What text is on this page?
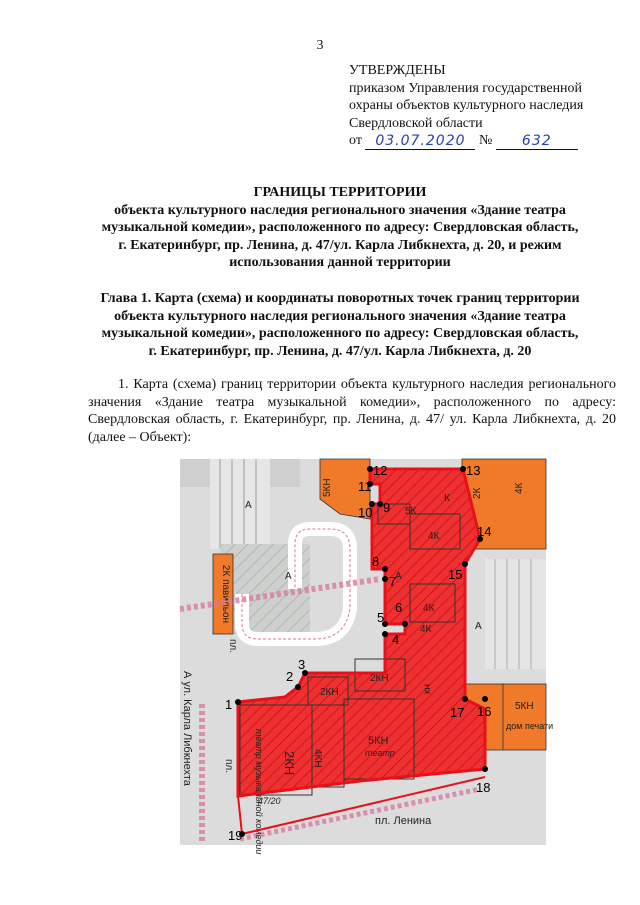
3
УТВЕРЖДЕНЫ
приказом Управления государственной
охраны объектов культурного наследия
Свердловской области
от 03.07.2020 № 632
ГРАНИЦЫ ТЕРРИТОРИИ
объекта культурного наследия регионального значения «Здание театра
музыкальной комедии», расположенного по адресу: Свердловская область,
г. Екатеринбург, пр. Ленина, д. 47/ул. Карла Либкнехта, д. 20, и режим
использования данной территории
Глава 1. Карта (схема) и координаты поворотных точек границ территории
объекта культурного наследия регионального значения «Здание театра
музыкальной комедии», расположенного по адресу: Свердловская область,
г. Екатеринбург, пр. Ленина, д. 47/ул. Карла Либкнехта, д. 20
1. Карта (схема) границ территории объекта культурного наследия регионального значения «Здание театра музыкальной комедии», расположенного по адресу: Свердловская область, г. Екатеринбург, пр. Ленина, д. 47/ ул. Карла Либкнехта, д. 20 (далее – Объект):
2К павильон
5КН
А
5К
К 2К	4К
4К
4К
4К
2КН
2КН
А	А
А
кн
5КН
дом печати
2КН 4КН
5КН
театр
театр музыкальной комедии
47/20
пл. Ленина
пл.
пл.
А ул. Карла Либкнехта 1
2
3
4
5
6
7
8
9
10
11
12	13
14
15
16
17
18
19
